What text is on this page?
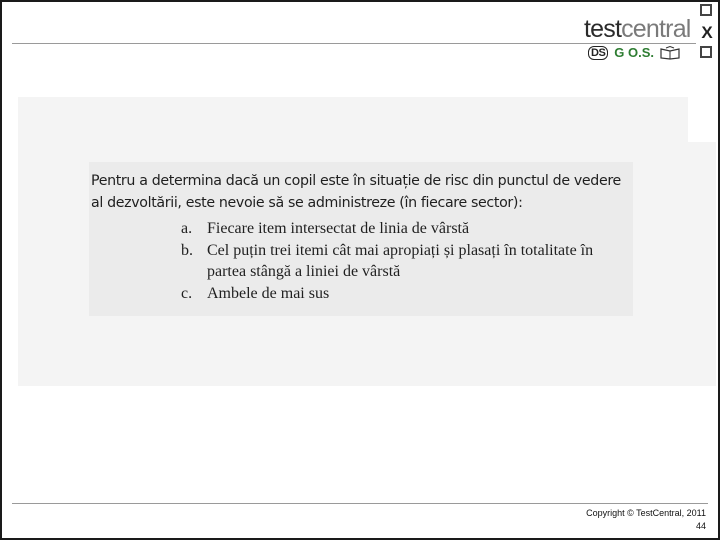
testcentral
DS G O.S.
X
Pentru a determina dacă un copil este în situație de risc din punctul de vedere al dezvoltării, este nevoie să se administreze (în fiecare sector):
a. Fiecare item intersectat de linia de vârstă
b. Cel puțin trei itemi cât mai apropiați și plasați în totalitate în partea stângă a liniei de vârstă
c. Ambele de mai sus
Copyright © TestCentral, 2011
44
